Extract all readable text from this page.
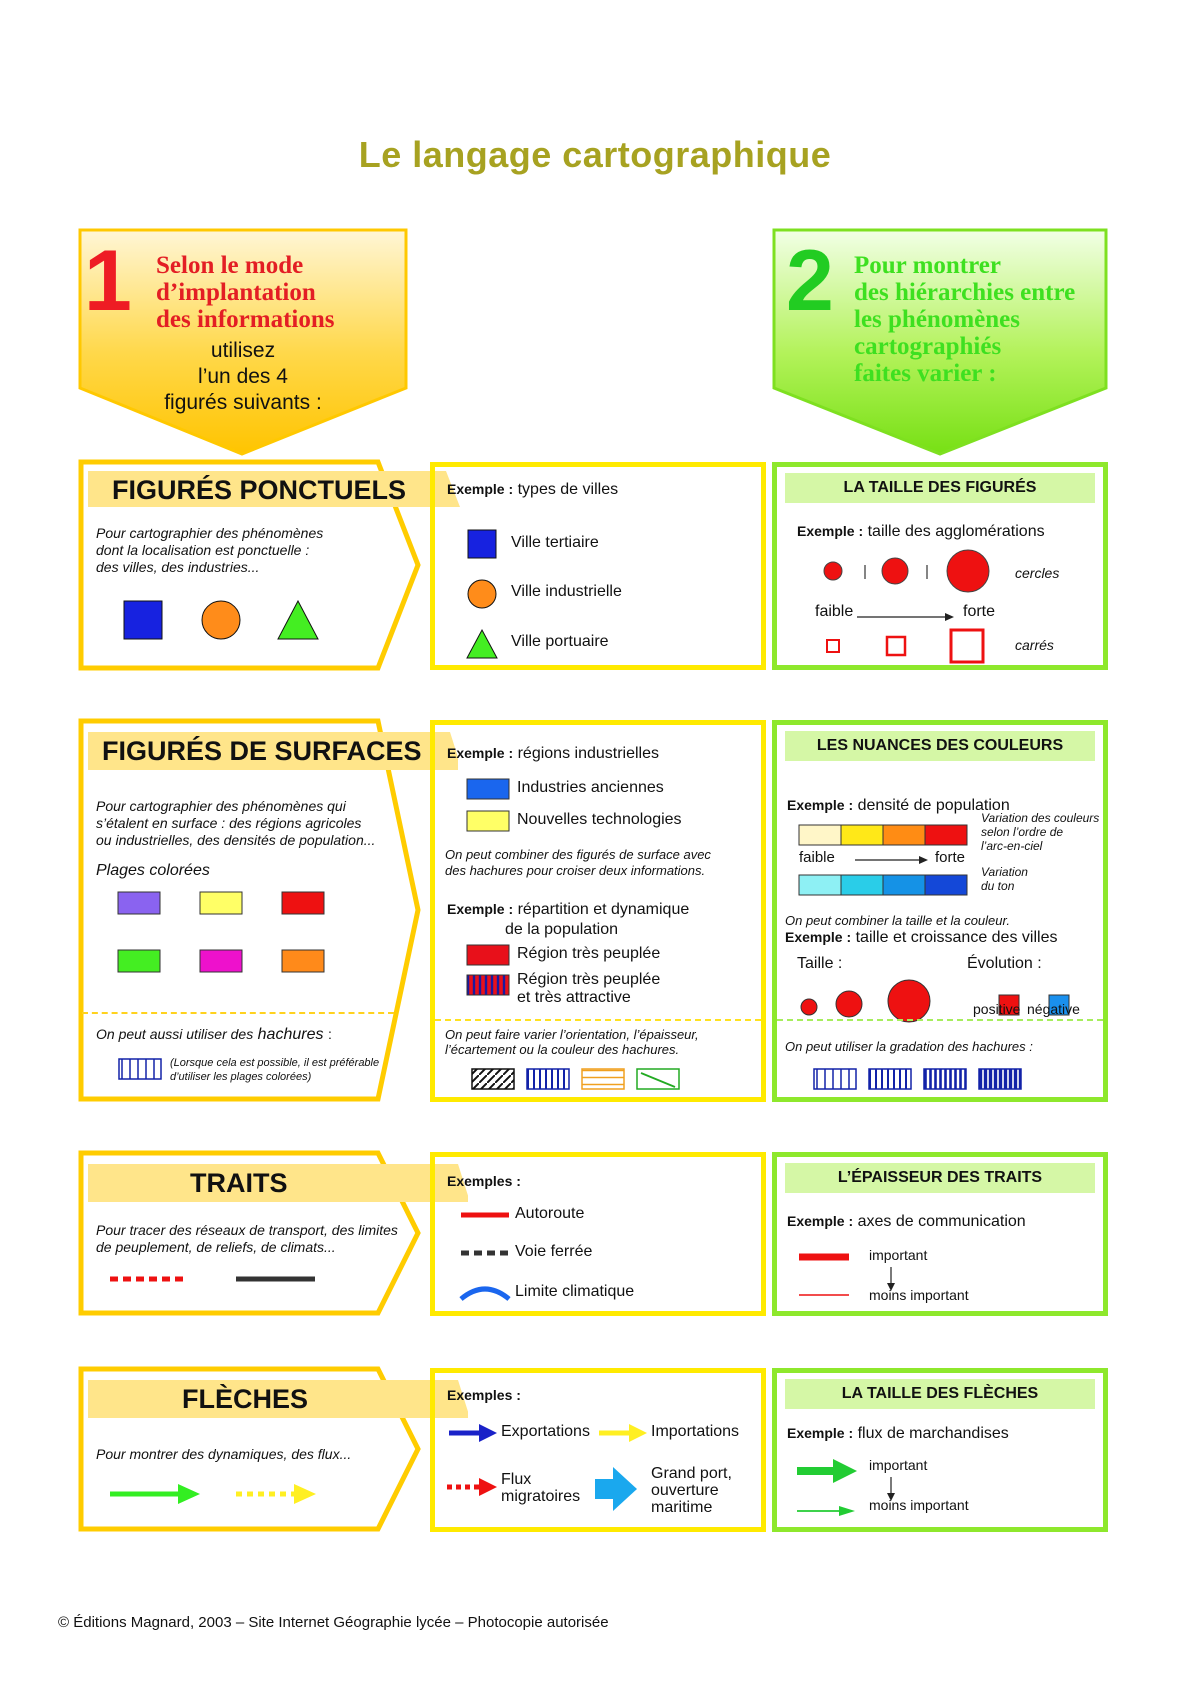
Le langage cartographique
1 Selon le mode
d’implantation
des informations
utilisez
l’un des 4
figurés suivants :
2 Pour montrer
des hiérarchies entre
les phénomènes
cartographiés
faites varier :
FIGURÉS PONCTUELS
Pour cartographier des phénomènes
dont la localisation est ponctuelle :
des villes, des industries...
Exemple : types de villes
Ville tertiaire
Ville industrielle
Ville portuaire
LA TAILLE DES FIGURÉS
Exemple : taille des agglomérations
cercles
faible	forte
carrés
FIGURÉS DE SURFACES
Pour cartographier des phénomènes qui
s’étalent en surface : des régions agricoles
ou industrielles, des densités de population...
Plages colorées
On peut aussi utiliser des hachures :
(Lorsque cela est possible, il est préférable
d’utiliser les plages colorées)
Exemple : régions industrielles
Industries anciennes
Nouvelles technologies
On peut combiner des figurés de surface avec
des hachures pour croiser deux informations.
Exemple : répartition et dynamique
de la population
Région très peuplée
Région très peuplée
et très attractive
On peut faire varier l’orientation, l’épaisseur,
l’écartement ou la couleur des hachures.
LES NUANCES DES COULEURS
Exemple : densité de population
faible	forte
Variation des couleurs
selon l’ordre de
l’arc-en-ciel
Variation
du ton
On peut combiner la taille et la couleur.
Exemple : taille et croissance des villes
Taille :	Évolution :
positive négative
On peut utiliser la gradation des hachures :
TRAITS
Pour tracer des réseaux de transport, des limites
de peuplement, de reliefs, de climats...
Exemples :
Autoroute
Voie ferrée
Limite climatique
L’ÉPAISSEUR DES TRAITS
Exemple : axes de communication
important
moins important
FLÈCHES
Pour montrer des dynamiques, des flux...
Exemples :
Exportations	Importations
Flux
migratoires
Grand port,
ouverture
maritime
LA TAILLE DES FLÈCHES
Exemple : flux de marchandises
important
moins important
© Éditions Magnard, 2003 – Site Internet Géographie lycée – Photocopie autorisée
